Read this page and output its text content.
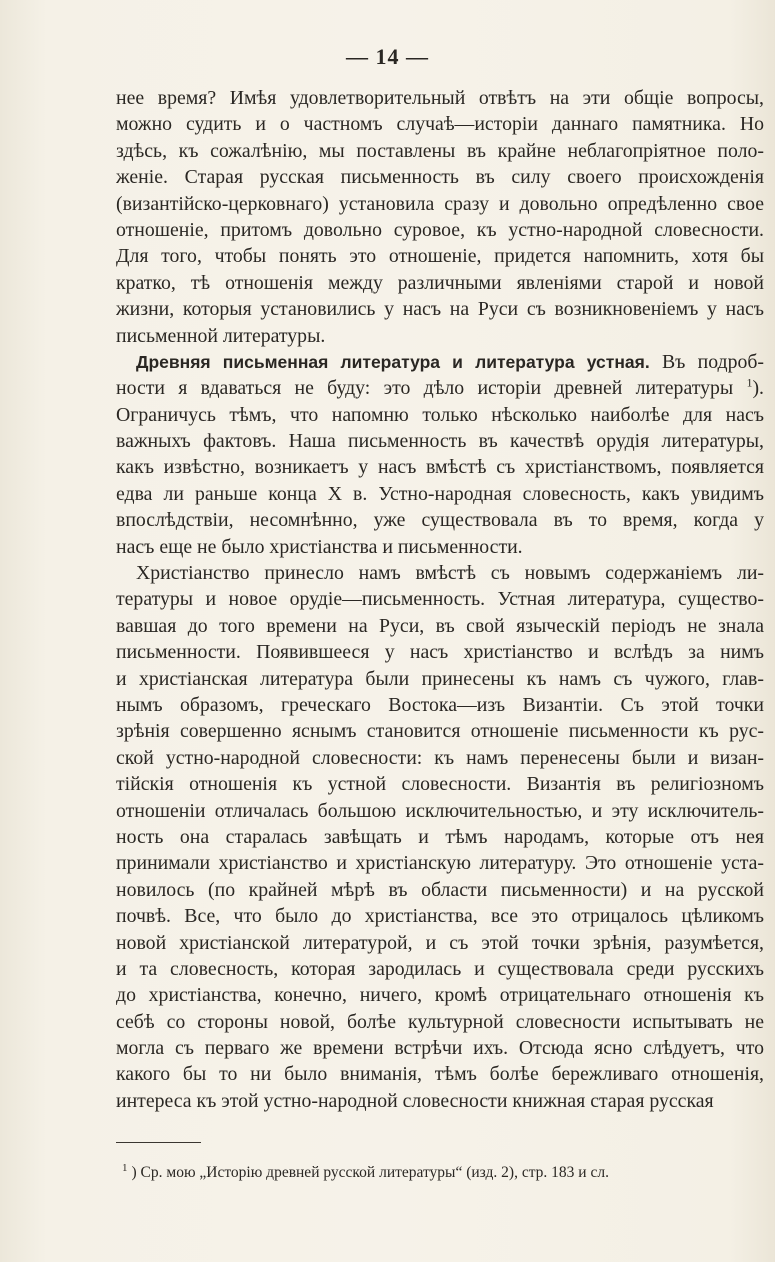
— 14 —
нее время? Имѣя удовлетворительный отвѣтъ на эти общіе вопросы,
можно судить и о частномъ случаѣ—исторіи даннаго памятника. Но
здѣсь, къ сожалѣнію, мы поставлены въ крайне неблагопріятное поло-
женіе. Старая русская письменность въ силу своего происхожденія
(византійско-церковнаго) установила сразу и довольно опредѣленно свое
отношеніе, притомъ довольно суровое, къ устно-народной словесности.
Для того, чтобы понять это отношеніе, придется напомнить, хотя бы
кратко, тѣ отношенія между различными явленіями старой и новой
жизни, которыя установились у насъ на Руси съ возникновеніемъ у насъ
письменной литературы.
Древняя письменная литература и литература устная. Въ подроб-
ности я вдаваться не буду: это дѣло исторіи древней литературы $^1$).
Ограничусь тѣмъ, что напомню только нѣсколько наиболѣе для насъ
важныхъ фактовъ. Наша письменность въ качествѣ орудія литературы,
какъ извѣстно, возникаетъ у насъ вмѣстѣ съ христіанствомъ, появляется
едва ли раньше конца X в. Устно-народная словесность, какъ увидимъ
впослѣдствіи, несомнѣнно, уже существовала въ то время, когда у
насъ еще не было христіанства и письменности.
Христіанство принесло намъ вмѣстѣ съ новымъ содержаніемъ ли-
тературы и новое орудіе—письменность. Устная литература, существо-
вавшая до того времени на Руси, въ свой языческій періодъ не знала
письменности. Появившееся у насъ христіанство и вслѣдъ за нимъ
и христіанская литература были принесены къ намъ съ чужого, глав-
нымъ образомъ, греческаго Востока—изъ Византіи. Съ этой точки
зрѣнія совершенно яснымъ становится отношеніе письменности къ рус-
ской устно-народной словесности: къ намъ перенесены были и визан-
тійскія отношенія къ устной словесности. Византія въ религіозномъ
отношеніи отличалась большою исключительностью, и эту исключитель-
ность она старалась завѣщать и тѣмъ народамъ, которые отъ нея
принимали христіанство и христіанскую литературу. Это отношеніе уста-
новилось (по крайней мѣрѣ въ области письменности) и на русской
почвѣ. Все, что было до христіанства, все это отрицалось цѣликомъ
новой христіанской литературой, и съ этой точки зрѣнія, разумѣется,
и та словесность, которая зародилась и существовала среди русскихъ
до христіанства, конечно, ничего, кромѣ отрицательнаго отношенія къ
себѣ со стороны новой, болѣе культурной словесности испытывать не
могла съ перваго же времени встрѣчи ихъ. Отсюда ясно слѣдуетъ, что
какого бы то ни было вниманія, тѣмъ болѣе бережливаго отношенія,
интереса къ этой устно-народной словесности книжная старая русская
$^1$ ) Ср. мою „Исторію древней русской литературы“ (изд. 2), стр. 183 и сл.
